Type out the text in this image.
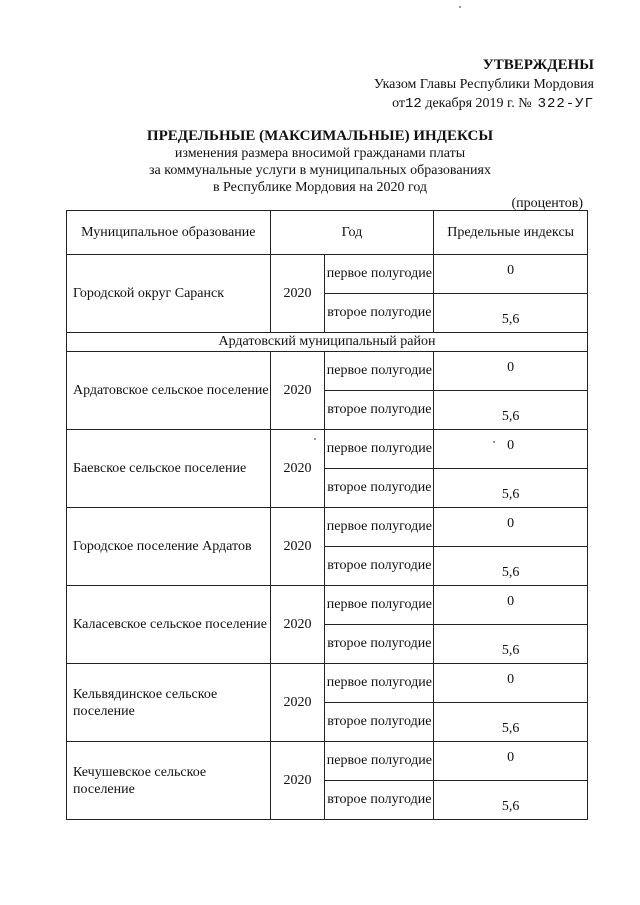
УТВЕРЖДЕНЫ
Указом Главы Республики Мордовия
от12 декабря 2019 г. № 322-УГ
ПРЕДЕЛЬНЫЕ (МАКСИМАЛЬНЫЕ) ИНДЕКСЫ
изменения размера вносимой гражданами платы
за коммунальные услуги в муниципальных образованиях
в Республике Мордовия на 2020 год
(процентов)
Муниципальное образование	Год		Предельные индексы
Городской округ Саранск	2020	первое полугодие	0
		второе полугодие	5,6
Ардатовский муниципальный район			
Ардатовское сельское поселение	2020	первое полугодие	0
		второе полугодие	5,6
Баевское сельское поселение	2020	первое полугодие	0
		второе полугодие	5,6
Городское поселение Ардатов	2020	первое полугодие	0
		второе полугодие	5,6
Каласевское сельское поселение	2020	первое полугодие	0
		второе полугодие	5,6
Кельвядинское сельское поселение	2020	первое полугодие	0
		второе полугодие	5,6
Кечушевское сельское поселение	2020	первое полугодие	0
		второе полугодие	5,6
